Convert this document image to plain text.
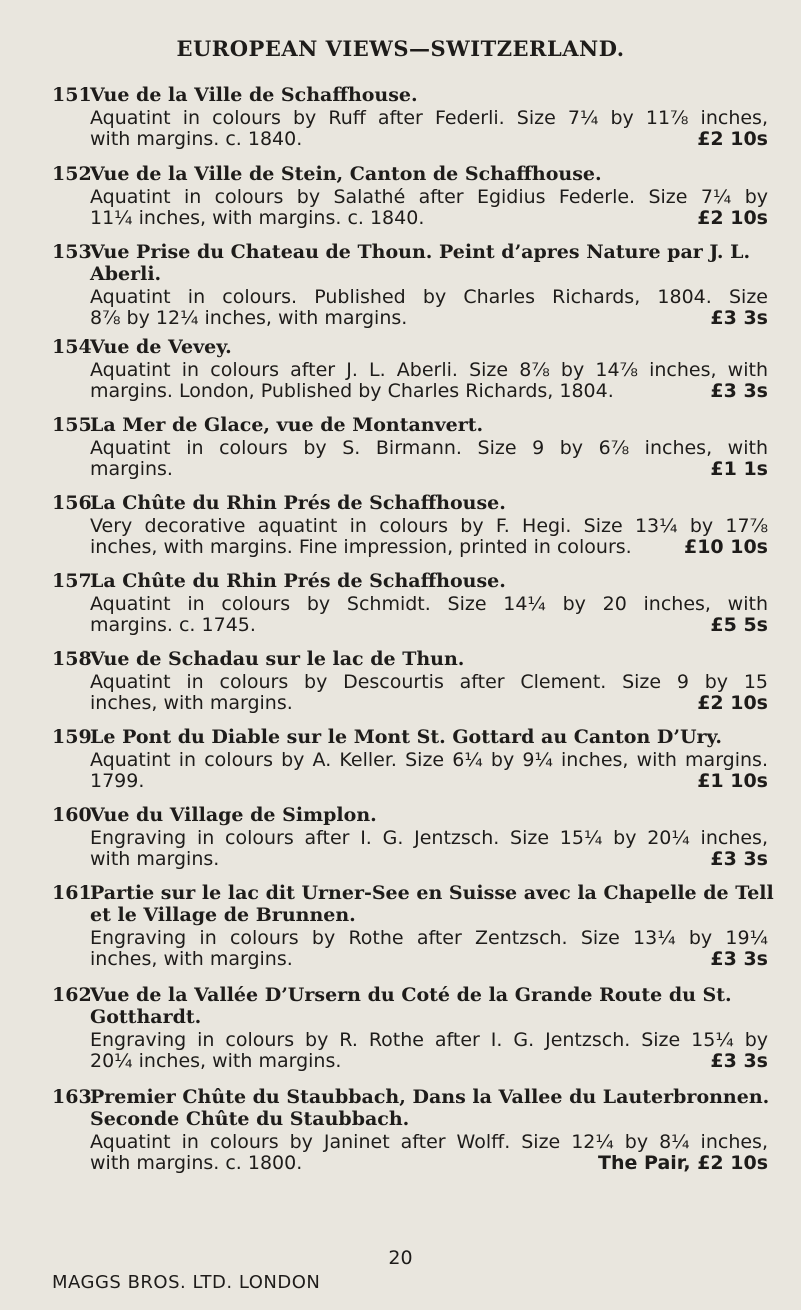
EUROPEAN VIEWS—SWITZERLAND.
151Vue de la Ville de Schaffhouse.
Aquatint in colours by Ruff after Federli. Size 7¼ by 11⅞ inches,
with margins. c. 1840.	£2 10s
152Vue de la Ville de Stein, Canton de Schaffhouse.
Aquatint in colours by Salathé after Egidius Federle. Size 7¼ by
11¼ inches, with margins. c. 1840.	£2 10s
153Vue Prise du Chateau de Thoun. Peint d’apres Nature par J. L.
Aberli.
Aquatint in colours. Published by Charles Richards, 1804. Size
8⅞ by 12¼ inches, with margins.	£3 3s
154Vue de Vevey.
Aquatint in colours after J. L. Aberli. Size 8⅞ by 14⅞ inches, with
margins. London, Published by Charles Richards, 1804.	£3 3s
155La Mer de Glace, vue de Montanvert.
Aquatint in colours by S. Birmann. Size 9 by 6⅞ inches, with
margins.	£1 1s
156La Chûte du Rhin Prés de Schaffhouse.
Very decorative aquatint in colours by F. Hegi. Size 13¼ by 17⅞
inches, with margins. Fine impression, printed in colours.	£10 10s
157La Chûte du Rhin Prés de Schaffhouse.
Aquatint in colours by Schmidt. Size 14¼ by 20 inches, with
margins. c. 1745.	£5 5s
158Vue de Schadau sur le lac de Thun.
Aquatint in colours by Descourtis after Clement. Size 9 by 15
inches, with margins.	£2 10s
159Le Pont du Diable sur le Mont St. Gottard au Canton D’Ury.
Aquatint in colours by A. Keller. Size 6¼ by 9¼ inches, with margins.
1799.	£1 10s
160Vue du Village de Simplon.
Engraving in colours after I. G. Jentzsch. Size 15¼ by 20¼ inches,
with margins.	£3 3s
161Partie sur le lac dit Urner-See en Suisse avec la Chapelle de Tell
et le Village de Brunnen.
Engraving in colours by Rothe after Zentzsch. Size 13¼ by 19¼
inches, with margins.	£3 3s
162Vue de la Vallée D’Ursern du Coté de la Grande Route du St.
Gotthardt.
Engraving in colours by R. Rothe after I. G. Jentzsch. Size 15¼ by
20¼ inches, with margins.	£3 3s
163Premier Chûte du Staubbach, Dans la Vallee du Lauterbronnen.
Seconde Chûte du Staubbach.
Aquatint in colours by Janinet after Wolff. Size 12¼ by 8¼ inches,
with margins. c. 1800.	The Pair, £2 10s
20
MAGGS BROS. LTD. LONDON
